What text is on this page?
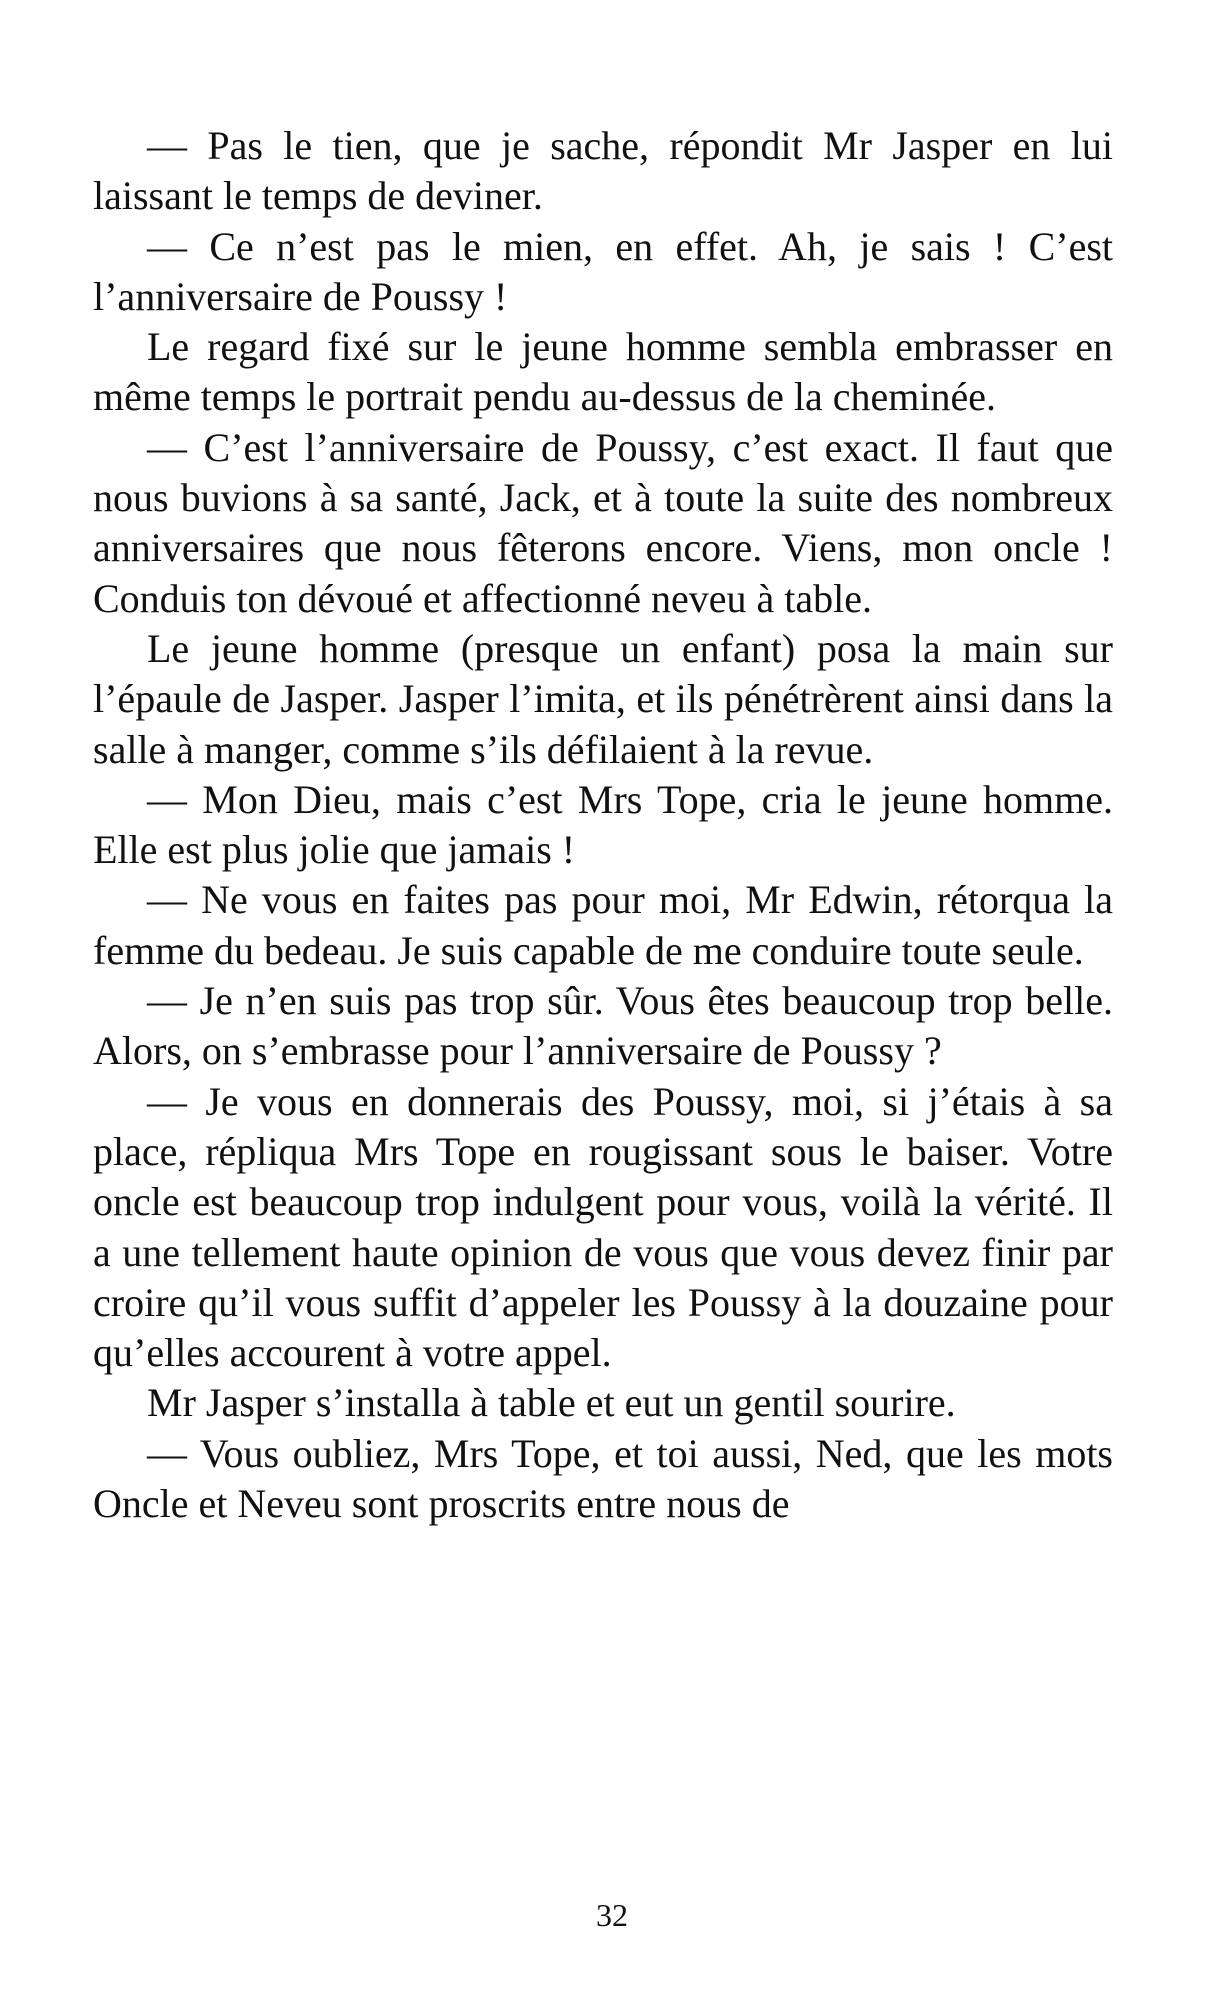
— Pas le tien, que je sache, répondit Mr Jasper en lui laissant le temps de deviner.

— Ce n’est pas le mien, en effet. Ah, je sais ! C’est l’anniversaire de Poussy !

Le regard fixé sur le jeune homme sembla embrasser en même temps le portrait pendu au-dessus de la cheminée.

— C’est l’anniversaire de Poussy, c’est exact. Il faut que nous buvions à sa santé, Jack, et à toute la suite des nombreux anniversaires que nous fêterons encore. Viens, mon oncle ! Conduis ton dévoué et affectionné neveu à table.

Le jeune homme (presque un enfant) posa la main sur l’épaule de Jasper. Jasper l’imita, et ils pénétrèrent ainsi dans la salle à manger, comme s’ils défilaient à la revue.

— Mon Dieu, mais c’est Mrs Tope, cria le jeune homme. Elle est plus jolie que jamais !

— Ne vous en faites pas pour moi, Mr Edwin, rétorqua la femme du bedeau. Je suis capable de me conduire toute seule.

— Je n’en suis pas trop sûr. Vous êtes beaucoup trop belle. Alors, on s’embrasse pour l’anniversaire de Poussy ?

— Je vous en donnerais des Poussy, moi, si j’étais à sa place, répliqua Mrs Tope en rougissant sous le baiser. Votre oncle est beaucoup trop indulgent pour vous, voilà la vérité. Il a une tellement haute opinion de vous que vous devez finir par croire qu’il vous suffit d’appeler les Poussy à la douzaine pour qu’elles accourent à votre appel.

Mr Jasper s’installa à table et eut un gentil sourire.

— Vous oubliez, Mrs Tope, et toi aussi, Ned, que les mots Oncle et Neveu sont proscrits entre nous de

32
